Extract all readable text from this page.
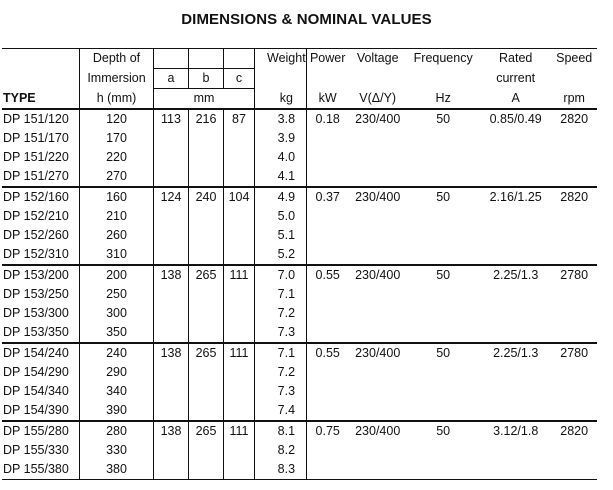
DIMENSIONS & NOMINAL VALUES
	Depth of				Weight	Power	Voltage	Frequency	Rated	Speed
	Immersion	a	b	c					current	
TYPE	h (mm)	mm			kg	kW	V(Δ/Y)	Hz	A	rpm
DP 151/120	120	113	216	87	3.8	0.18	230/400	50	0.85/0.49	2820
DP 151/170	170				3.9					
DP 151/220	220				4.0					
DP 151/270	270				4.1					
DP 152/160	160	124	240	104	4.9	0.37	230/400	50	2.16/1.25	2820
DP 152/210	210				5.0					
DP 152/260	260				5.1					
DP 152/310	310				5.2					
DP 153/200	200	138	265	111	7.0	0.55	230/400	50	2.25/1.3	2780
DP 153/250	250				7.1					
DP 153/300	300				7.2					
DP 153/350	350				7.3					
DP 154/240	240	138	265	111	7.1	0.55	230/400	50	2.25/1.3	2780
DP 154/290	290				7.2					
DP 154/340	340				7.3					
DP 154/390	390				7.4					
DP 155/280	280	138	265	111	8.1	0.75	230/400	50	3.12/1.8	2820
DP 155/330	330				8.2					
DP 155/380	380				8.3					
